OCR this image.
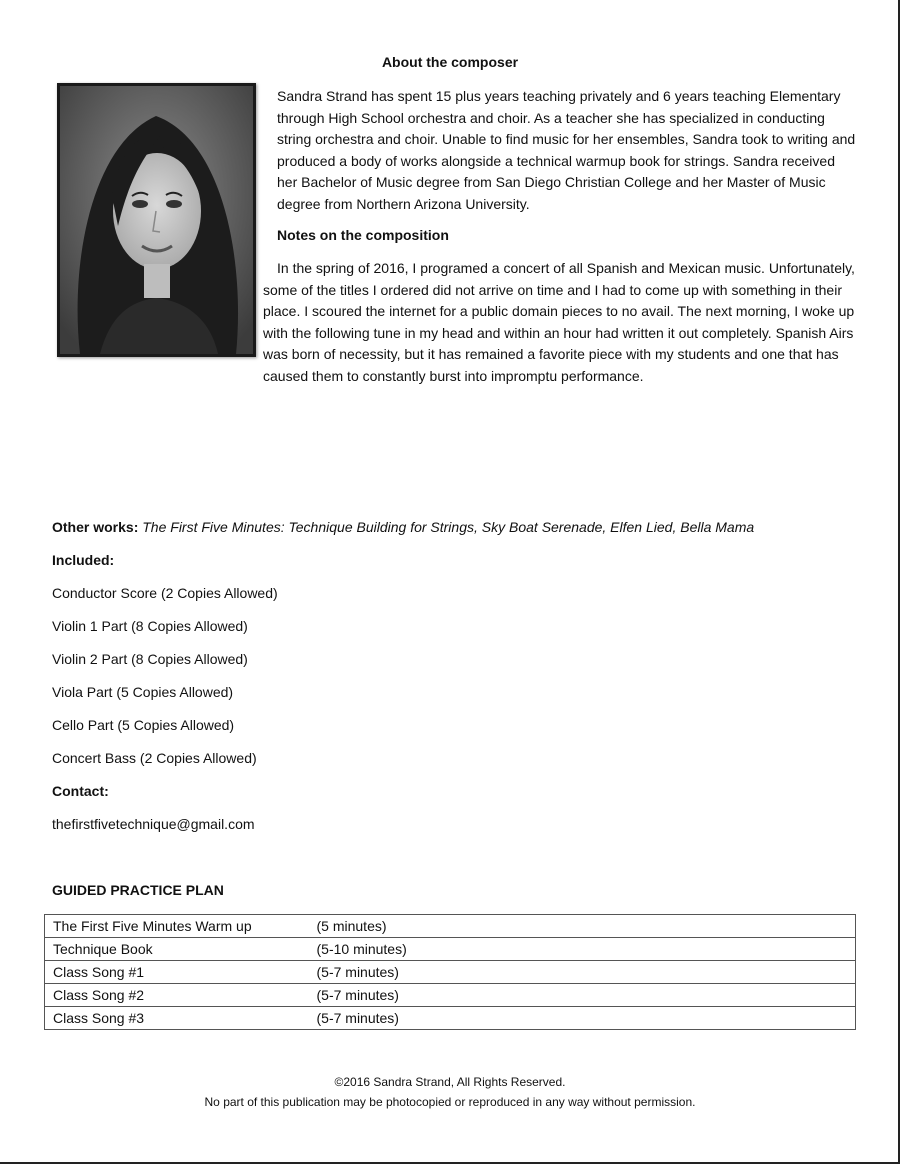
About the composer

Sandra Strand has spent 15 plus years teaching privately and 6 years teaching Elementary through High School orchestra and choir. As a teacher she has specialized in conducting string orchestra and choir. Unable to find music for her ensembles, Sandra took to writing and produced a body of works alongside a technical warmup book for strings. Sandra received her Bachelor of Music degree from San Diego Christian College and her Master of Music degree from Northern Arizona University.

Notes on the composition

In the spring of 2016, I programed a concert of all Spanish and Mexican music. Unfortunately, some of the titles I ordered did not arrive on time and I had to come up with something in their place. I scoured the internet for a public domain pieces to no avail. The next morning, I woke up with the following tune in my head and within an hour had written it out completely. Spanish Airs was born of necessity, but it has remained a favorite piece with my students and one that has caused them to constantly burst into impromptu performance.

Other works: The First Five Minutes: Technique Building for Strings, Sky Boat Serenade, Elfen Lied, Bella Mama
Included:
Conductor Score (2 Copies Allowed)
Violin 1 Part (8 Copies Allowed)
Violin 2 Part (8 Copies Allowed)
Viola Part (5 Copies Allowed)
Cello Part (5 Copies Allowed)
Concert Bass (2 Copies Allowed)
Contact:
thefirstfivetechnique@gmail.com
GUIDED PRACTICE PLAN
The First Five Minutes Warm up	(5 minutes)
Technique Book	(5-10 minutes)
Class Song #1	(5-7 minutes)
Class Song #2	(5-7 minutes)
Class Song #3	(5-7 minutes)
©2016 Sandra Strand, All Rights Reserved.
No part of this publication may be photocopied or reproduced in any way without permission.
